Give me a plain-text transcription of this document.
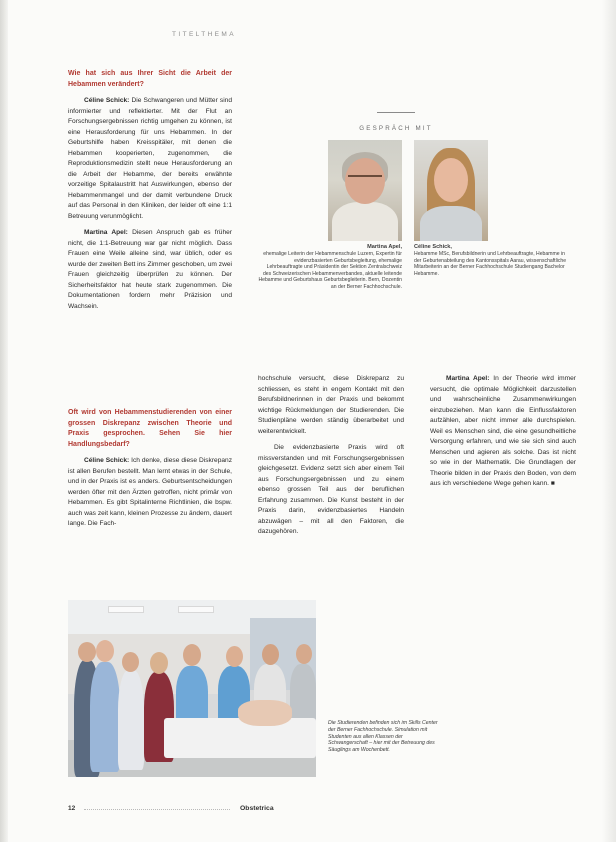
TITELTHEMA

Wie hat sich aus Ihrer Sicht die Arbeit der Hebammen verändert?

Céline Schick: Die Schwangeren und Mütter sind informierter und reflektierter. Mit der Flut an Forschungsergebnissen richtig umgehen zu können, ist eine Herausforderung für uns Hebammen. In der Geburtshilfe haben Kreisspitäler, mit denen die Hebammen kooperierten, zugenommen, die Reproduktionsmedizin stellt neue Herausforderung an die Arbeit der Hebamme, der bereits erwähnte vorzeitige Spitalaustritt hat Auswirkungen, ebenso der Hebammenmangel und der damit verbundene Druck auf das Personal in den Kliniken, der leider oft eine 1:1 Betreuung verunmöglicht.

Martina Apel: Diesen Anspruch gab es früher nicht, die 1:1-Betreuung war gar nicht möglich. Dass Frauen eine Weile alleine sind, war üblich, oder es wurde der zweiten Bett ins Zimmer geschoben, um zwei Frauen gleichzeitig überprüfen zu können. Der Sicherheitsfaktor hat heute stark zugenommen. Die Dokumentationen fordern mehr Präzision und Wachsein.

Oft wird von Hebammenstudierenden von einer grossen Diskrepanz zwischen Theorie und Praxis gesprochen. Sehen Sie hier Handlungsbedarf?

Céline Schick: Ich denke, diese diese Diskrepanz ist allen Berufen bestellt. Man lernt etwas in der Schule, und in der Praxis ist es anders. Geburtsentscheidungen werden öfter mit den Ärzten getroffen, nicht primär von Hebammen. Es gibt Spitalinterne Richtlinien, die bspw. auch was zeit kann, kleinen Prozesse zu ändern, dauert lange. Die Fach-

GESPRÄCH MIT
Martina Apel,
ehemalige Leiterin der Hebammenschule Luzern, Expertin für evidenzbasierten Geburtsbegleitung, ehemalige Lehrbeauftragte und Präsidentin der Sektion Zentralschweiz des Schweizerischen Hebammenverbandes, aktuelle leitende Hebamme und Geburtshaus Geburtsbegleiterin. Bern, Dozentin an der Berner Fachhochschule.
Céline Schick,
Hebamme MSc, Berufsbildnerin und Lehrbeauftragte, Hebamme in der Geburtenabteilung des Kantonsspitals Aarau, wissenschaftliche Mitarbeiterin an der Berner Fachhochschule Studiengang Bachelor Hebamme.

hochschule versucht, diese Diskrepanz zu schliessen, es steht in engem Kontakt mit den Berufsbildnerinnen in der Praxis und bekommt wichtige Rückmeldungen der Studierenden. Die Studienpläne werden ständig überarbeitet und weiterentwickelt.

Die evidenzbasierte Praxis wird oft missverstanden und mit Forschungsergebnissen gleichgesetzt. Evidenz setzt sich aber einem Teil aus Forschungsergebnissen und zu einem ebenso grossen Teil aus der beruflichen Erfahrung zusammen. Die Kunst besteht in der Praxis darin, evidenzbasiertes Handeln abzuwägen – mit all den Faktoren, die dazugehören.

Martina Apel: In der Theorie wird immer versucht, die optimale Möglichkeit darzustellen und wahrscheinliche Zusammenwirkungen einzubeziehen. Man kann die Einflussfaktoren aufzählen, aber nicht immer alle durchspielen. Weil es Menschen sind, die eine gesundheitliche Versorgung erfahren, und wie sie sich sind auch Menschen und agieren als solche. Das ist nicht so wie in der Mathematik. Die Grundlagen der Theorie bilden in der Praxis den Boden, von dem aus ich verschiedene Wege gehen kann. ■

Die Studierenden befinden sich im Skills Center der Berner Fachhochschule. Simulation mit Studenten aus allen Klassen der Schwangerschaft – hier mit der Betreuung des Säuglings am Wochenbett.
12	Obstetrica
